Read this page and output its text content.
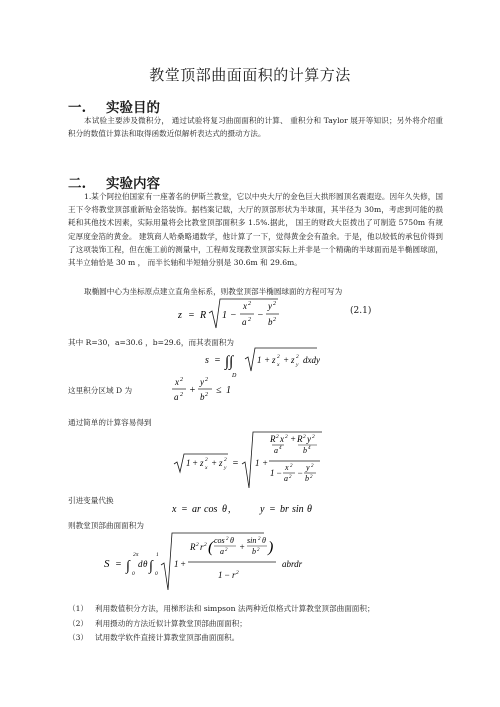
教堂顶部曲面面积的计算方法
一. 实验目的
本试验主要涉及微积分， 通过试验将复习曲面面积的计算、 重积分和 Taylor 展开等知识；另外将介绍重积分的数值计算法和取得函数近似解析表达式的摄动方法。
二. 实验内容
1.某个阿拉伯国家有一座著名的伊斯兰教堂，它以中央大厅的金色巨大拱形圆顶名震遐迩。因年久失修，国王下令将教堂顶部重新贴金箔装饰。据档案记载，大厅的顶部形状为半球面，其半径为 30m，考虑到可能的损耗和其他技术因素，实际用量将会比教堂顶部面积多 1.5%.据此， 国王的财政大臣拨出了可制造 5750m 有规定厚度金箔的黄金。 建筑商人哈桑略通数学，他计算了一下，觉得黄金会有盈余。于是，他以较低的承包价得到了这项装饰工程，但在施工前的测量中，工程师发现教堂顶部实际上并非是一个精确的半球面而是半椭圆球面， 其半立轴恰是 30 m ， 而半长轴和半短轴分别是 30.6m 和 29.6m。
取椭圆中心为坐标原点建立直角坐标系，则教堂顶部半椭圆球面的方程可写为
z = R 1 −
x 2
a 2 −
y 2
b 2
(2.1)
其中 R=30，a=30.6 ，b=29.6，而其表面积为
s = ∫∫
D
1 + z 2
x + z 2
y dxdy
这里积分区域 D 为
x 2
a 2 +
y 2
b 2 ≤ 1
通过简单的计算容易得到
1 + z 2
x + z 2
y = 1 +
R 2 x 2 + R 2 y 2
a 4	b 4
1 −
x 2
a 2 −
y 2
b 2
引进变量代换
x = ar cos θ ,	y = br sin θ
则教堂顶部曲面面积为
S = ∫
2π
0
d θ ∫
1
0
1 +
R 2 r 2 ( cos 2 θ
a 2 +
sin 2 θ
b 2 )
1 − r 2
abrdr
（1） 利用数值积分方法，用梯形法和 simpson 法两种近似格式计算教堂顶部曲面面积；
（2） 利用摄动的方法近似计算教堂顶部曲面面积；
（3） 试用数学软件直接计算教堂顶部曲面面积。
